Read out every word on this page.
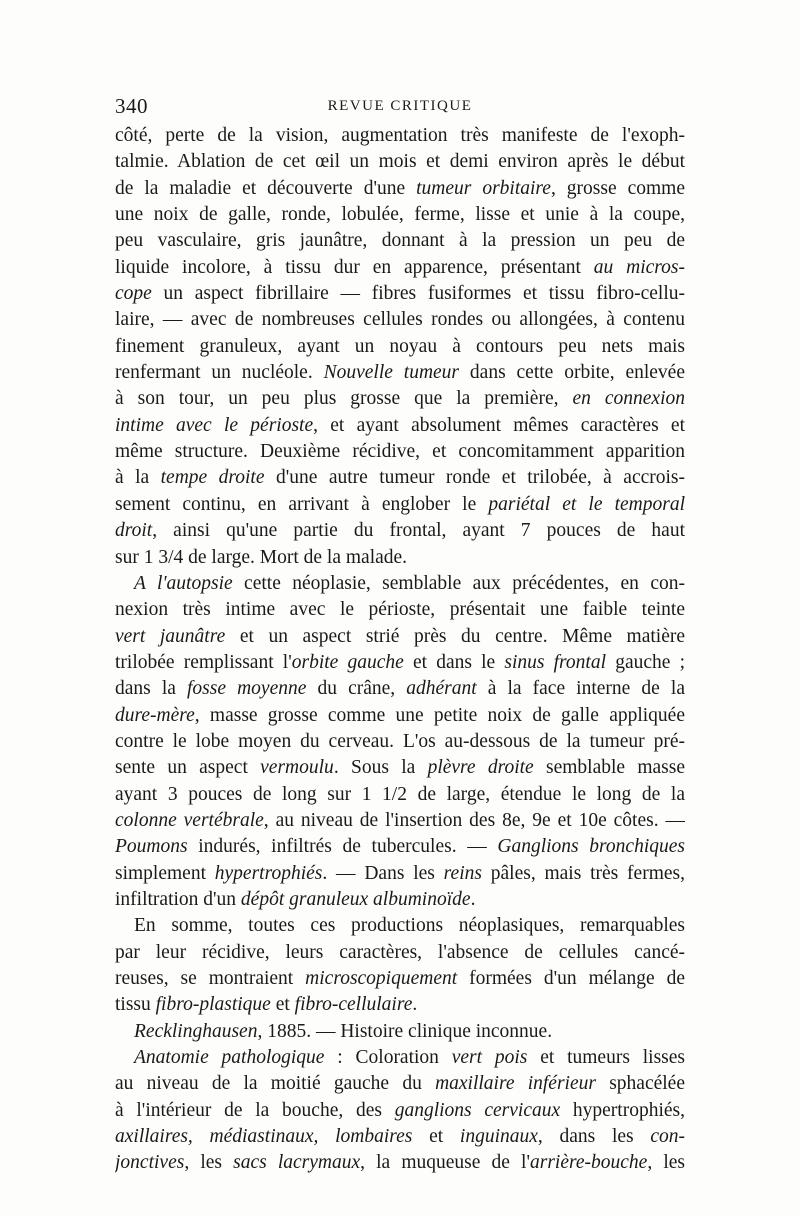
340	REVUE CRITIQUE
côté, perte de la vision, augmentation très manifeste de l'exoph-
talmie. Ablation de cet œil un mois et demi environ après le début
de la maladie et découverte d'une tumeur orbitaire, grosse comme
une noix de galle, ronde, lobulée, ferme, lisse et unie à la coupe,
peu vasculaire, gris jaunâtre, donnant à la pression un peu de
liquide incolore, à tissu dur en apparence, présentant au micros-
cope un aspect fibrillaire — fibres fusiformes et tissu fibro-cellu-
laire, — avec de nombreuses cellules rondes ou allongées, à contenu
finement granuleux, ayant un noyau à contours peu nets mais
renfermant un nucléole. Nouvelle tumeur dans cette orbite, enlevée
à son tour, un peu plus grosse que la première, en connexion
intime avec le périoste, et ayant absolument mêmes caractères et
même structure. Deuxième récidive, et concomitamment apparition
à la tempe droite d'une autre tumeur ronde et trilobée, à accrois-
sement continu, en arrivant à englober le pariétal et le temporal
droit, ainsi qu'une partie du frontal, ayant 7 pouces de haut
sur 1 3/4 de large. Mort de la malade.
A l'autopsie cette néoplasie, semblable aux précédentes, en con-
nexion très intime avec le périoste, présentait une faible teinte
vert jaunâtre et un aspect strié près du centre. Même matière
trilobée remplissant l'orbite gauche et dans le sinus frontal gauche ;
dans la fosse moyenne du crâne, adhérant à la face interne de la
dure-mère, masse grosse comme une petite noix de galle appliquée
contre le lobe moyen du cerveau. L'os au-dessous de la tumeur pré-
sente un aspect vermoulu. Sous la plèvre droite semblable masse
ayant 3 pouces de long sur 1 1/2 de large, étendue le long de la
colonne vertébrale, au niveau de l'insertion des 8e, 9e et 10e côtes. —
Poumons indurés, infiltrés de tubercules. — Ganglions bronchiques
simplement hypertrophiés. — Dans les reins pâles, mais très fermes,
infiltration d'un dépôt granuleux albuminoïde.
En somme, toutes ces productions néoplasiques, remarquables
par leur récidive, leurs caractères, l'absence de cellules cancé-
reuses, se montraient microscopiquement formées d'un mélange de
tissu fibro-plastique et fibro-cellulaire.
Recklinghausen, 1885. — Histoire clinique inconnue.
Anatomie pathologique : Coloration vert pois et tumeurs lisses
au niveau de la moitié gauche du maxillaire inférieur sphacélée
à l'intérieur de la bouche, des ganglions cervicaux hypertrophiés,
axillaires, médiastinaux, lombaires et inguinaux, dans les con-
jonctives, les sacs lacrymaux, la muqueuse de l'arrière-bouche, les
